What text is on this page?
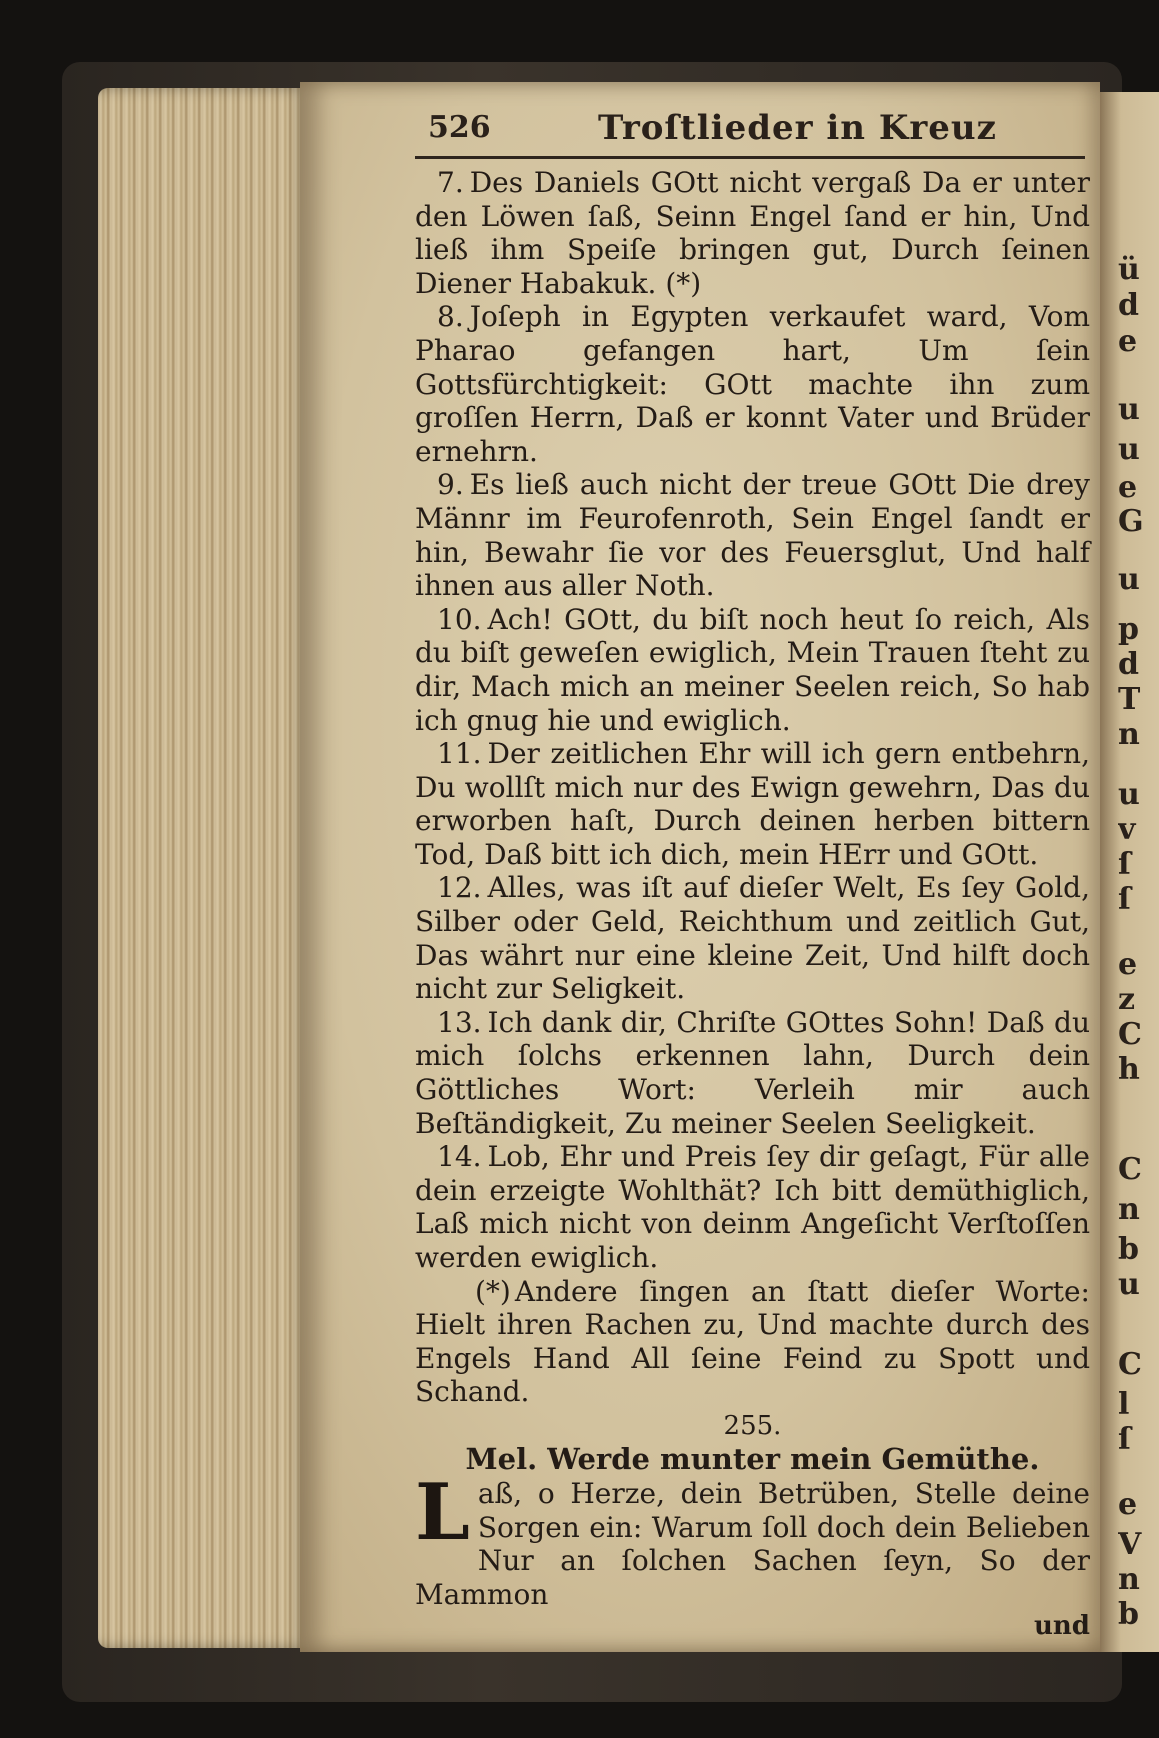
ü
d
e
u
u
e
G
u
p
d
T
n
u
v
ſ
ſ
e
z
C
h
C
n
b
u
C
l
ſ
e
V
n
b
526	Troſtlieder in Kreuz

7. Des Daniels GOtt nicht vergaß Da er unter den Löwen ſaß, Seinn Engel ſand er hin, Und ließ ihm Speiſe bringen gut, Durch ſeinen Diener Habakuk. (*)

8. Joſeph in Egypten verkaufet ward, Vom Pharao gefangen hart, Um ſein Gottsfürchtigkeit: GOtt machte ihn zum groſſen Herrn, Daß er konnt Vater und Brüder ernehrn.

9. Es ließ auch nicht der treue GOtt Die drey Männr im Feurofenroth, Sein Engel ſandt er hin, Bewahr ſie vor des Feuersglut, Und half ihnen aus aller Noth.

10. Ach! GOtt, du biſt noch heut ſo reich, Als du biſt geweſen ewiglich, Mein Trauen ſteht zu dir, Mach mich an meiner Seelen reich, So hab ich gnug hie und ewiglich.

11. Der zeitlichen Ehr will ich gern entbehrn, Du wollſt mich nur des Ewign gewehrn, Das du erworben haſt, Durch deinen herben bittern Tod, Daß bitt ich dich, mein HErr und GOtt.

12. Alles, was iſt auf dieſer Welt, Es ſey Gold, Silber oder Geld, Reichthum und zeitlich Gut, Das währt nur eine kleine Zeit, Und hilft doch nicht zur Seligkeit.

13. Ich dank dir, Chriſte GOttes Sohn! Daß du mich ſolchs erkennen lahn, Durch dein Göttliches Wort: Verleih mir auch Beſtändigkeit, Zu meiner Seelen Seeligkeit.

14. Lob, Ehr und Preis ſey dir geſagt, Für alle dein erzeigte Wohlthät? Ich bitt demüthiglich, Laß mich nicht von deinm Angeſicht Verſtoſſen werden ewiglich.

(*) Andere ſingen an ſtatt dieſer Worte: Hielt ihren Rachen zu, Und machte durch des Engels Hand All ſeine Feind zu Spott und Schand.

255.

Mel. Werde munter mein Gemüthe.

Laß, o Herze, dein Betrüben, Stelle deine Sorgen ein: Warum ſoll doch dein Belieben Nur an ſolchen Sachen ſeyn, So der Mammon

und
